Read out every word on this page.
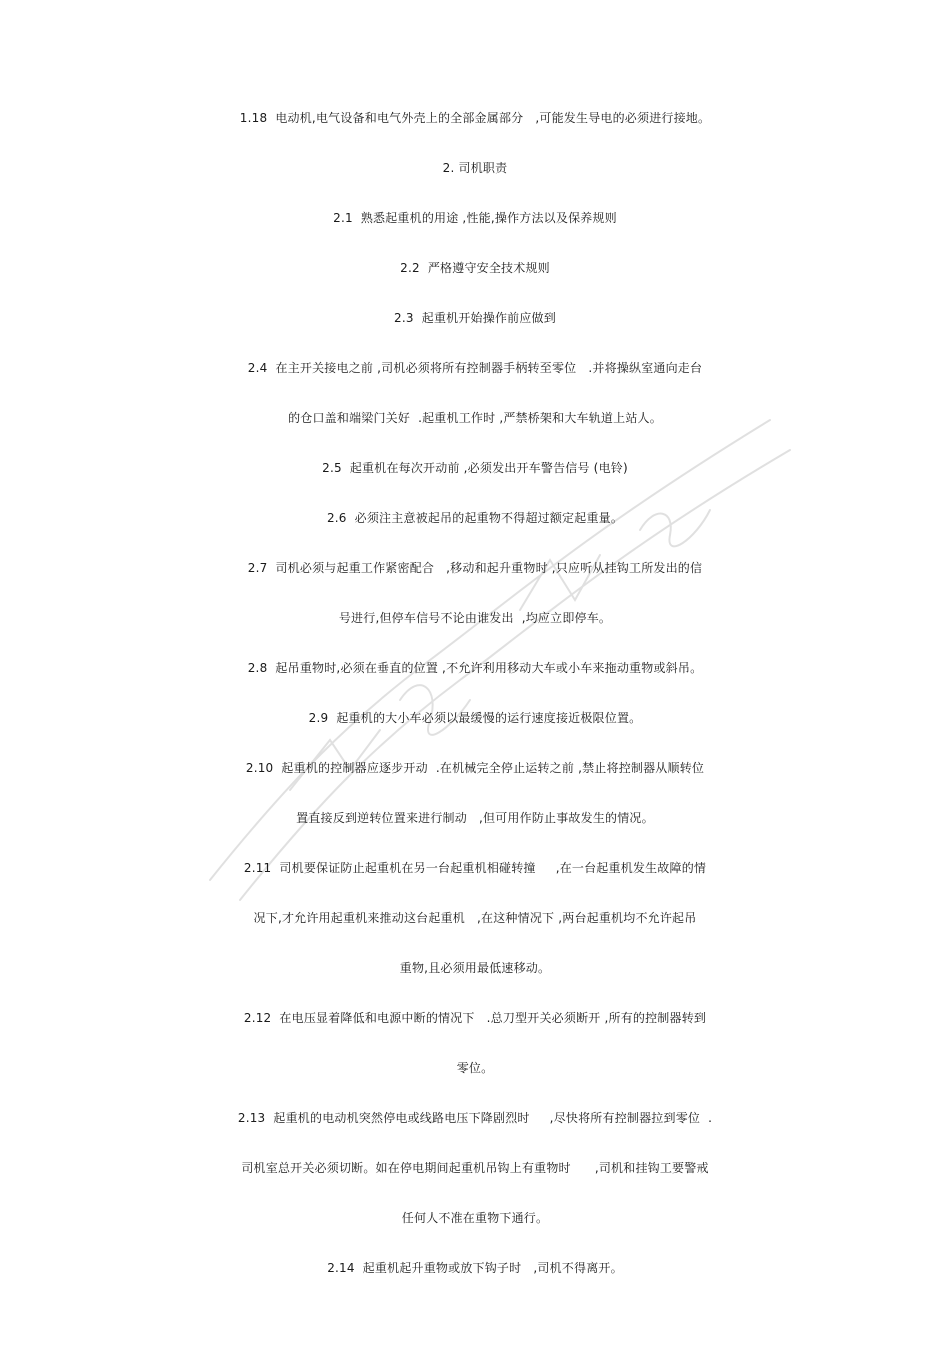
1.18  电动机,电气设备和电气外壳上的全部金属部分   ,可能发生导电的必须进行接地。
2. 司机职责
2.1  熟悉起重机的用途 ,性能,操作方法以及保养规则
2.2  严格遵守安全技术规则
2.3  起重机开始操作前应做到
2.4  在主开关接电之前 ,司机必须将所有控制器手柄转至零位   .并将操纵室通向走台
的仓口盖和端梁门关好  .起重机工作时 ,严禁桥架和大车轨道上站人。
2.5  起重机在每次开动前 ,必须发出开车警告信号 (电铃)
2.6  必须注主意被起吊的起重物不得超过额定起重量。
2.7  司机必须与起重工作紧密配合   ,移动和起升重物时 ,只应听从挂钩工所发出的信
号进行,但停车信号不论由谁发出  ,均应立即停车。
2.8  起吊重物时,必须在垂直的位置 ,不允许利用移动大车或小车来拖动重物或斜吊。
2.9  起重机的大小车必须以最缓慢的运行速度接近极限位置。
2.10  起重机的控制器应逐步开动  .在机械完全停止运转之前 ,禁止将控制器从顺转位
置直接反到逆转位置来进行制动   ,但可用作防止事故发生的情况。
2.11  司机要保证防止起重机在另一台起重机相碰转撞     ,在一台起重机发生故障的情
况下,才允许用起重机来推动这台起重机   ,在这种情况下 ,两台起重机均不允许起吊
重物,且必须用最低速移动。
2.12  在电压显着降低和电源中断的情况下   .总刀型开关必须断开 ,所有的控制器转到
零位。
2.13  起重机的电动机突然停电或线路电压下降剧烈时     ,尽快将所有控制器拉到零位  .
司机室总开关必须切断。如在停电期间起重机吊钩上有重物时      ,司机和挂钩工要警戒
任何人不准在重物下通行。
2.14  起重机起升重物或放下钩子时   ,司机不得离开。
